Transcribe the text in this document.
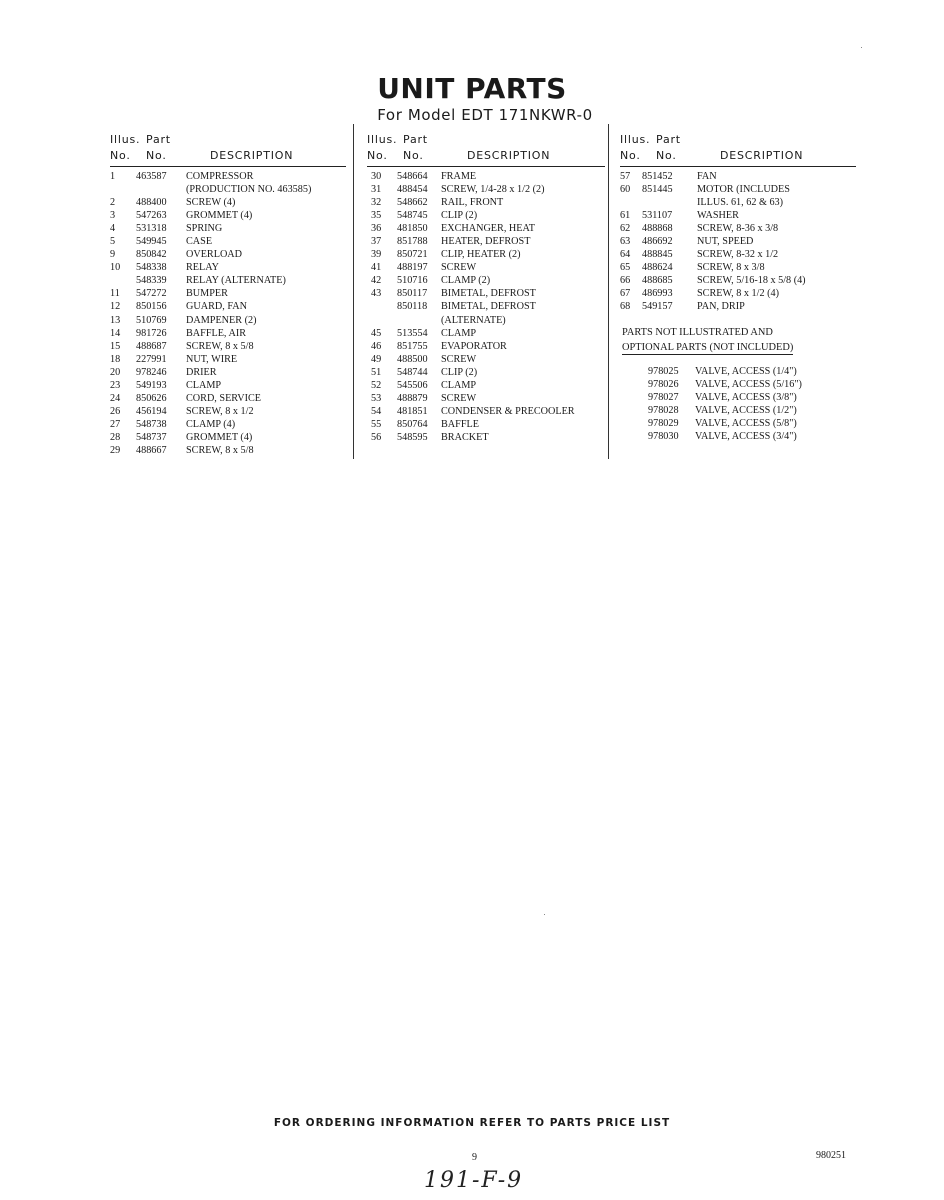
UNIT PARTS
For Model EDT 171NKWR-0
Illus. Part
No. No.	DESCRIPTION
1 463587 COMPRESSOR
(PRODUCTION NO. 463585)
2 488400 SCREW (4)
3 547263 GROMMET (4)
4 531318 SPRING
5 549945 CASE
9 850842 OVERLOAD
10 548338 RELAY
548339 RELAY (ALTERNATE)
11 547272 BUMPER
12 850156 GUARD, FAN
13 510769 DAMPENER (2)
14 981726 BAFFLE, AIR
15 488687 SCREW, 8 x 5/8
18 227991 NUT, WIRE
20 978246 DRIER
23 549193 CLAMP
24 850626 CORD, SERVICE
26 456194 SCREW, 8 x 1/2
27 548738 CLAMP (4)
28 548737 GROMMET (4)
29 488667 SCREW, 8 x 5/8
Illus. Part
No. No.	DESCRIPTION
30 548664 FRAME
31 488454 SCREW, 1/4-28 x 1/2 (2)
32 548662 RAIL, FRONT
35 548745 CLIP (2)
36 481850 EXCHANGER, HEAT
37 851788 HEATER, DEFROST
39 850721 CLIP, HEATER (2)
41 488197 SCREW
42 510716 CLAMP (2)
43 850117 BIMETAL, DEFROST
850118 BIMETAL, DEFROST
(ALTERNATE)
45 513554 CLAMP
46 851755 EVAPORATOR
49 488500 SCREW
51 548744 CLIP (2)
52 545506 CLAMP
53 488879 SCREW
54 481851 CONDENSER & PRECOOLER
55 850764 BAFFLE
56 548595 BRACKET
Illus. Part
No. No.	DESCRIPTION
57 851452 FAN
60 851445 MOTOR (INCLUDES
ILLUS. 61, 62 & 63)
61 531107 WASHER
62 488868 SCREW, 8-36 x 3/8
63 486692 NUT, SPEED
64 488845 SCREW, 8-32 x 1/2
65 488624 SCREW, 8 x 3/8
66 488685 SCREW, 5/16-18 x 5/8 (4)
67 486993 SCREW, 8 x 1/2 (4)
68 549157 PAN, DRIP
PARTS NOT ILLUSTRATED AND
OPTIONAL PARTS (NOT INCLUDED)
978025 VALVE, ACCESS (1/4")
978026 VALVE, ACCESS (5/16")
978027 VALVE, ACCESS (3/8")
978028 VALVE, ACCESS (1/2")
978029 VALVE, ACCESS (5/8")
978030 VALVE, ACCESS (3/4")
FOR ORDERING INFORMATION REFER TO PARTS PRICE LIST
9	980251
191-F-9
